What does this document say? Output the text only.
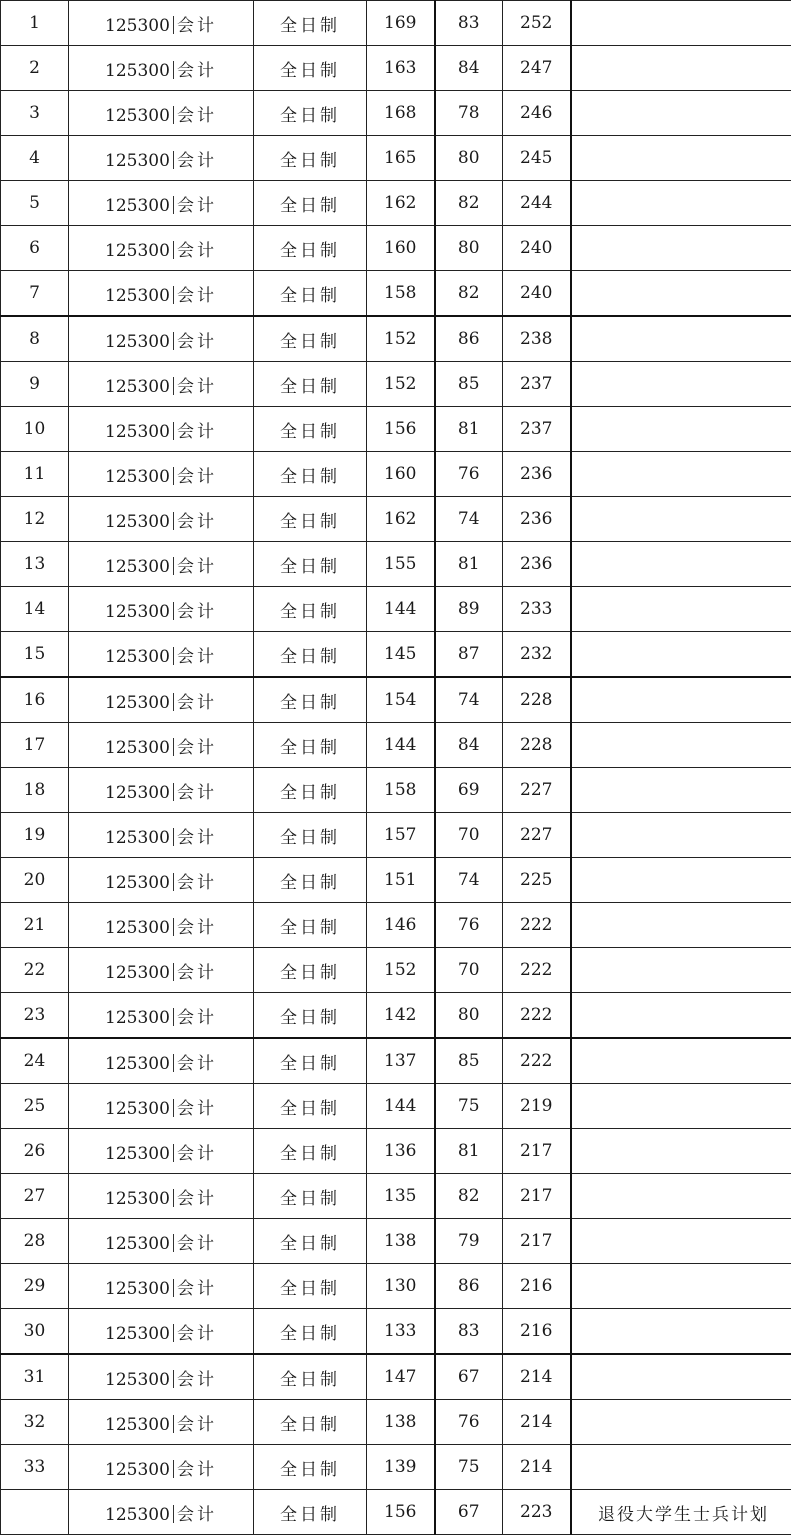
1	125300 会计	全日制	169	83	252	
2	125300 会计	全日制	163	84	247	
3	125300 会计	全日制	168	78	246	
4	125300 会计	全日制	165	80	245	
5	125300 会计	全日制	162	82	244	
6	125300 会计	全日制	160	80	240	
7	125300 会计	全日制	158	82	240	
8	125300 会计	全日制	152	86	238	
9	125300 会计	全日制	152	85	237	
10	125300 会计	全日制	156	81	237	
11	125300 会计	全日制	160	76	236	
12	125300 会计	全日制	162	74	236	
13	125300 会计	全日制	155	81	236	
14	125300 会计	全日制	144	89	233	
15	125300 会计	全日制	145	87	232	
16	125300 会计	全日制	154	74	228	
17	125300 会计	全日制	144	84	228	
18	125300 会计	全日制	158	69	227	
19	125300 会计	全日制	157	70	227	
20	125300 会计	全日制	151	74	225	
21	125300 会计	全日制	146	76	222	
22	125300 会计	全日制	152	70	222	
23	125300 会计	全日制	142	80	222	
24	125300 会计	全日制	137	85	222	
25	125300 会计	全日制	144	75	219	
26	125300 会计	全日制	136	81	217	
27	125300 会计	全日制	135	82	217	
28	125300 会计	全日制	138	79	217	
29	125300 会计	全日制	130	86	216	
30	125300 会计	全日制	133	83	216	
31	125300 会计	全日制	147	67	214	
32	125300 会计	全日制	138	76	214	
33	125300 会计	全日制	139	75	214	
	125300 会计	全日制	156	67	223	退役大学生士兵计划
